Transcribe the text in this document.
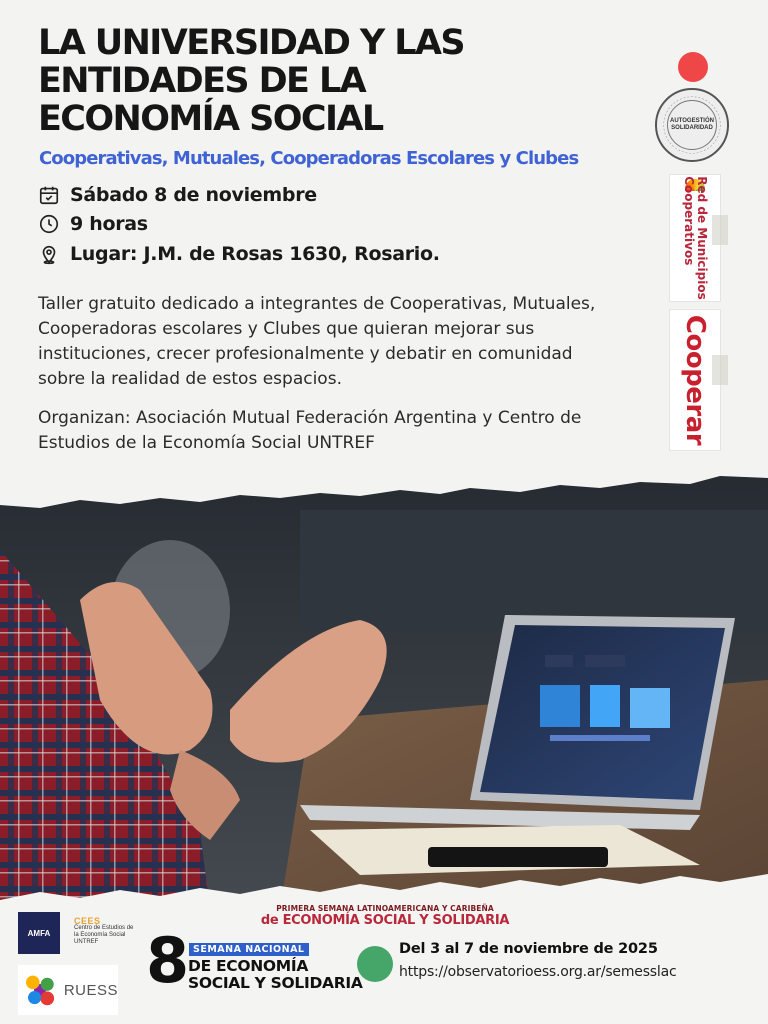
LA UNIVERSIDAD Y LAS
ENTIDADES DE LA
ECONOMÍA SOCIAL
Cooperativas, Mutuales, Cooperadoras Escolares y Clubes
Sábado 8 de noviembre
9 horas
Lugar: J.M. de Rosas 1630, Rosario.

Taller gratuito dedicado a integrantes de Cooperativas, Mutuales,
Cooperadoras escolares y Clubes que quieran mejorar sus
instituciones, crecer profesionalmente y debatir en comunidad
sobre la realidad de estos espacios.

Organizan: Asociación Mutual Federación Argentina y Centro de
Estudios de la Economía Social UNTREF

AUTOGESTIÓN SOLIDARIDAD
Red de Municipios
Cooperativos
Cooperar
PRIMERA SEMANA LATINOAMERICANA Y CARIBEÑA
de ECONOMÍA SOCIAL Y SOLIDARIA
AMFA
CEES
Centro de Estudios de la Economía Social UNTREF
RUESS 8 SEMANA NACIONAL
DE ECONOMÍA
SOCIAL Y SOLIDARIA
Del 3 al 7 de noviembre de 2025
https://observatorioess.org.ar/semesslac
